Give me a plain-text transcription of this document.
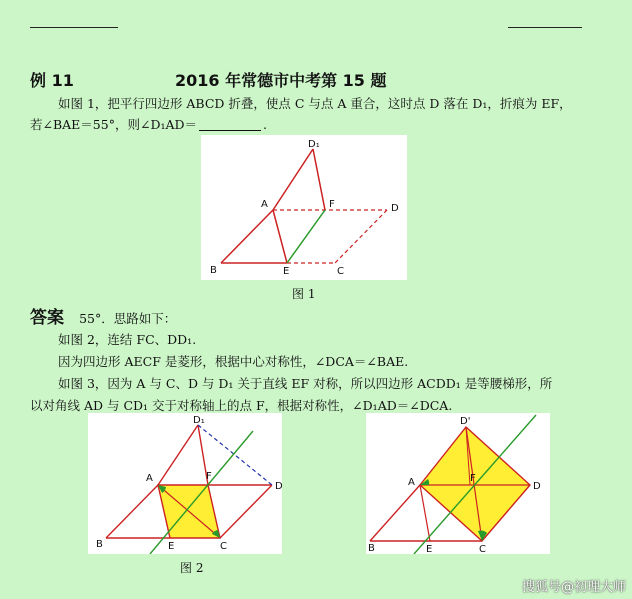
例 11	2016 年常德市中考第 15 题
如图 1，把平行四边形 ABCD 折叠，使点 C 与点 A 重合，这时点 D 落在 D₁，折痕为 EF，
若∠BAE＝55°，则∠D₁AD＝	.
D₁
A	F	D
B	E	C
图 1
答案 55°．思路如下：
如图 2，连结 FC、DD₁.
因为四边形 AECF 是菱形，根据中心对称性，∠DCA＝∠BAE.
如图 3，因为 A 与 C、D 与 D₁ 关于直线 EF 对称，所以四边形 ACDD₁ 是等腰梯形，所
以对角线 AD 与 CD₁ 交于对称轴上的点 F，根据对称性，∠D₁AD＝∠DCA.
D₁
A	F
D
B	E	C
图 2
D'
A	F
D
B	E	C
搜狐号@初理大师
